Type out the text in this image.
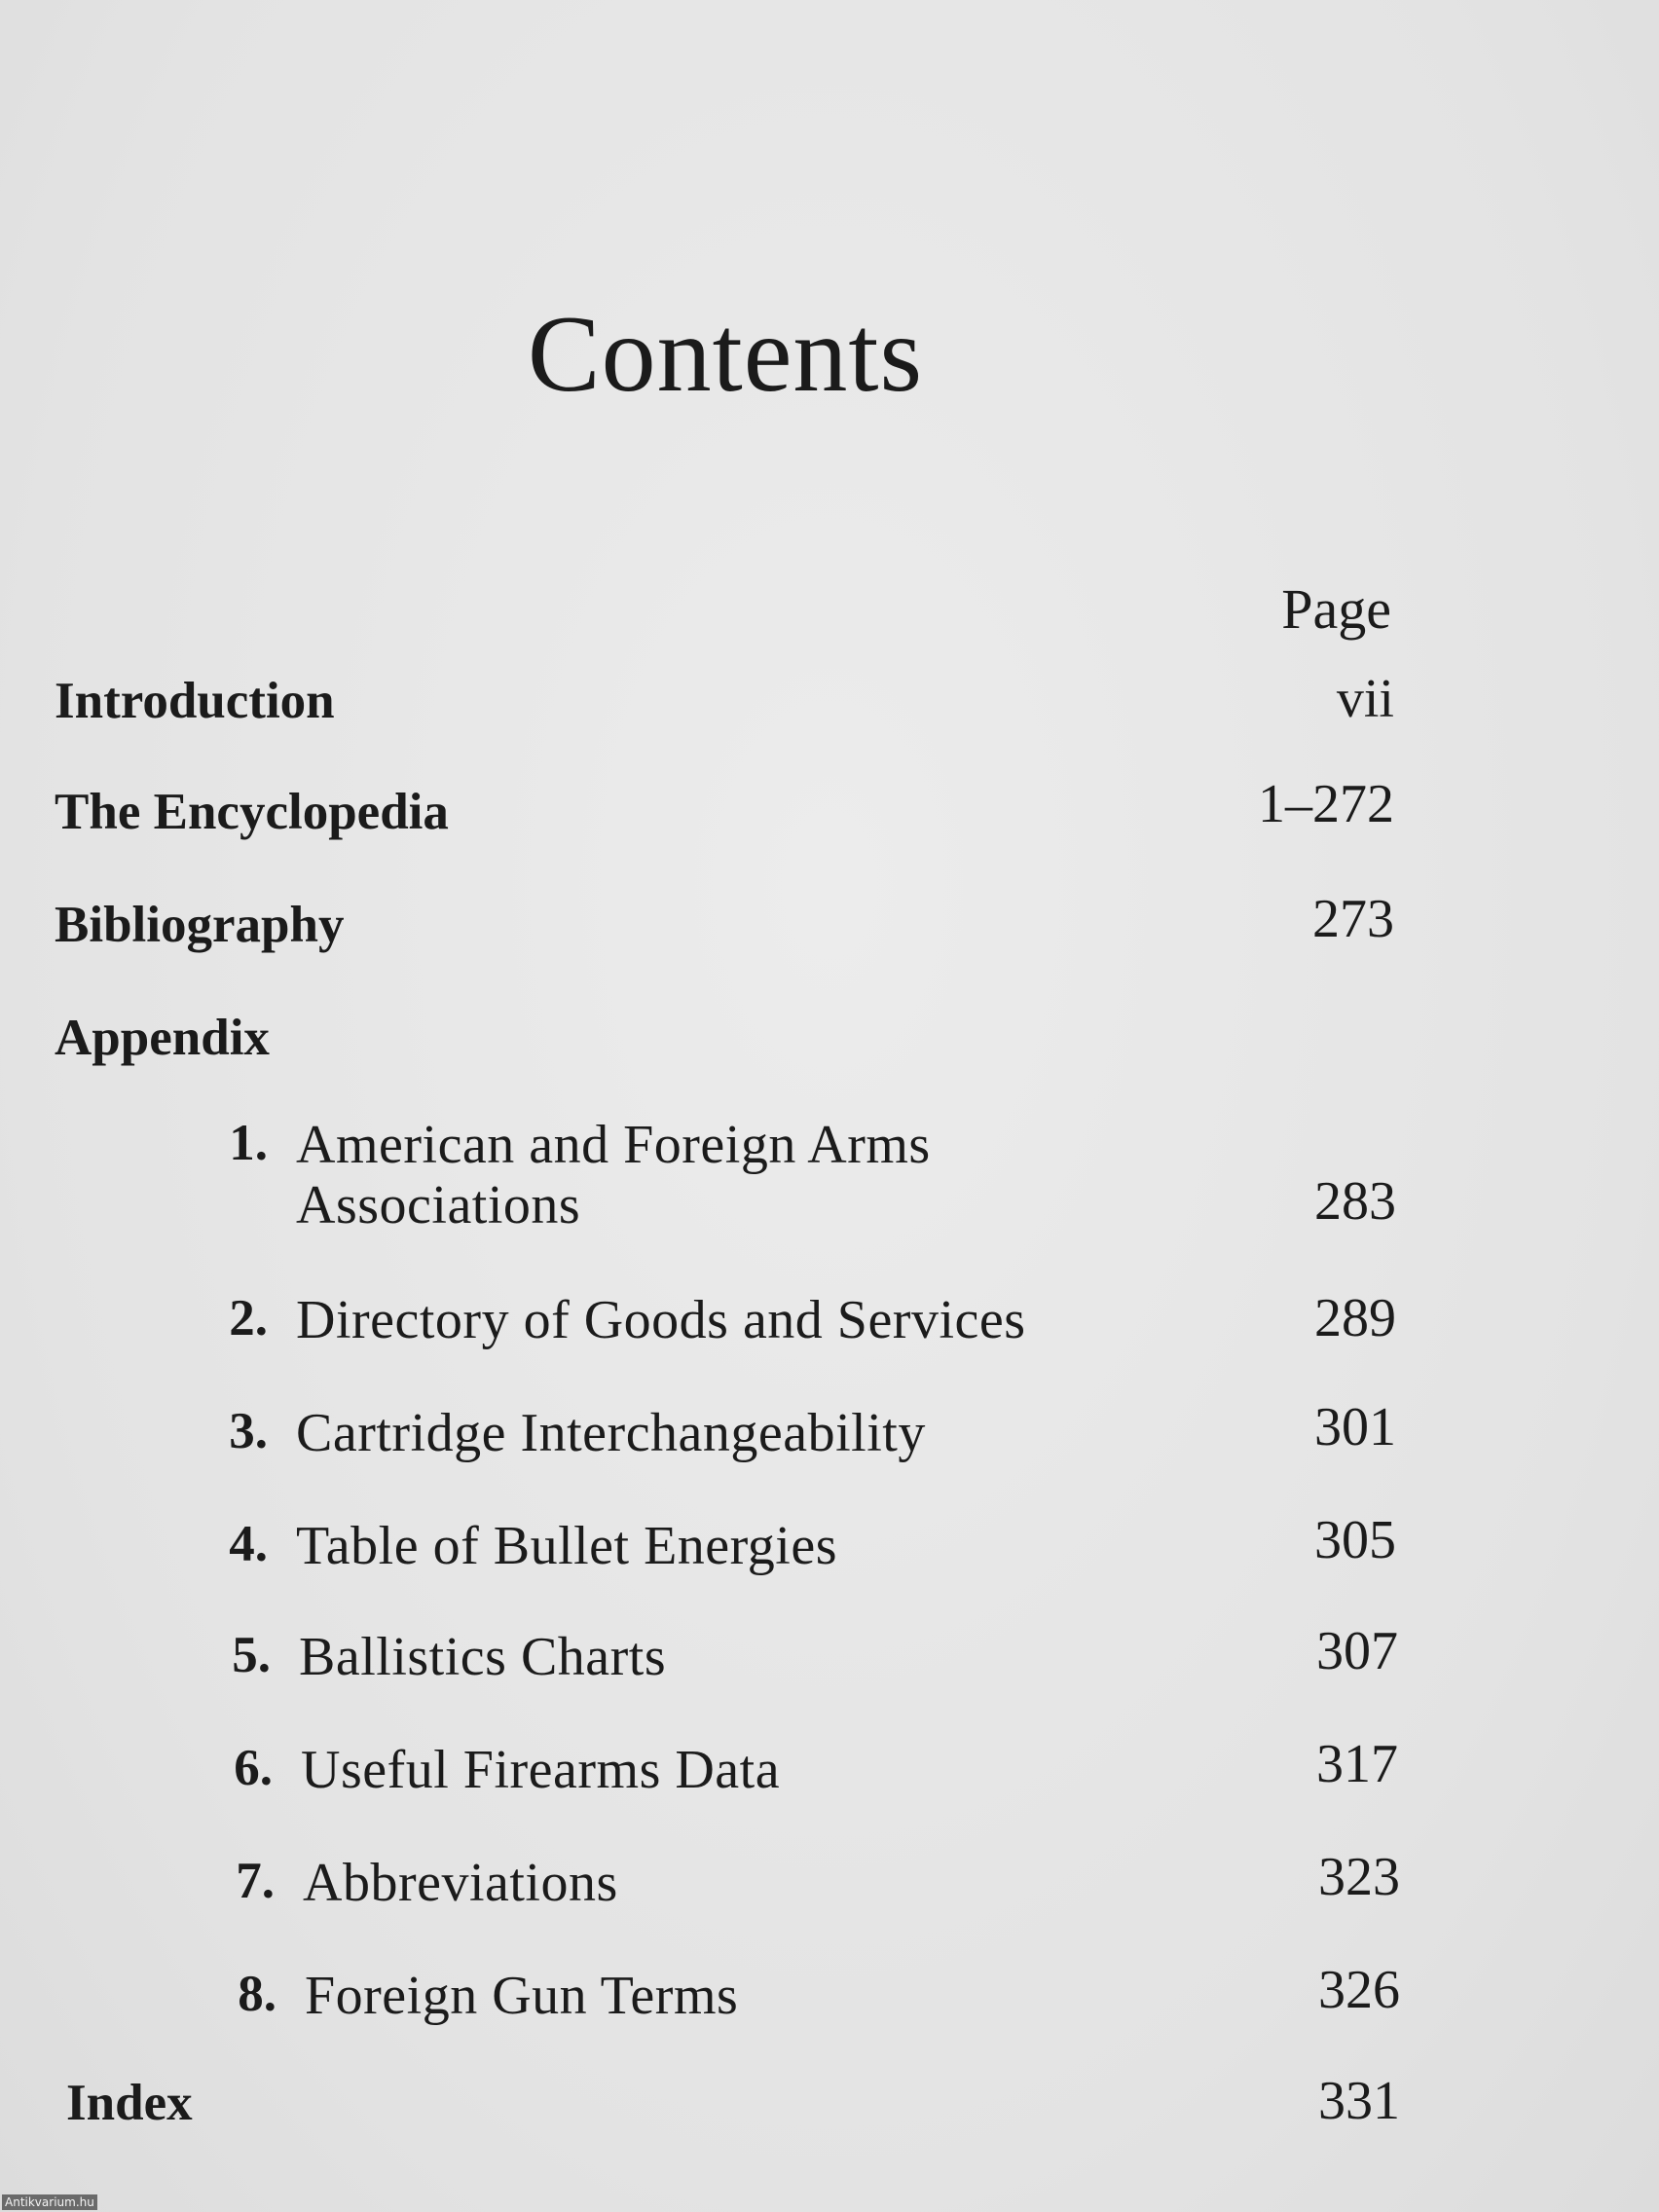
Contents
Page
Introduction	vii
The Encyclopedia	1–272
Bibliography	273
Appendix
1. American and Foreign Arms
Associations	283
2. Directory of Goods and Services	289
3. Cartridge Interchangeability	301
4. Table of Bullet Energies	305
5. Ballistics Charts	307
6. Useful Firearms Data	317
7. Abbreviations	323
8. Foreign Gun Terms	326
Index	331
Antikvarium.hu
